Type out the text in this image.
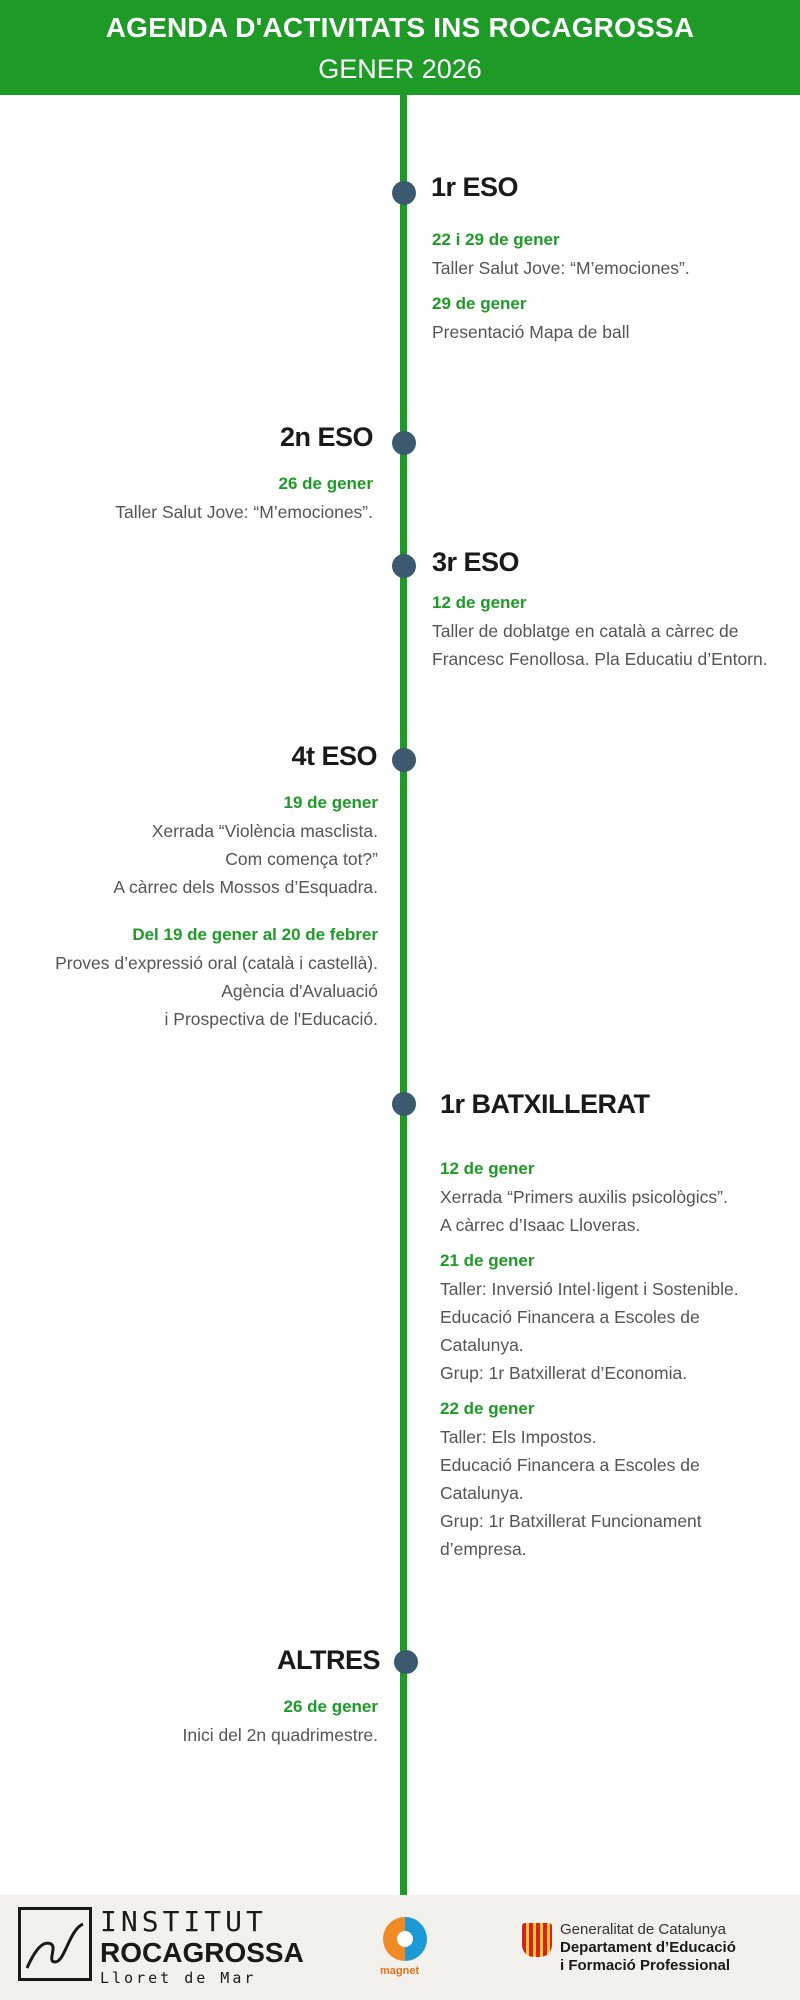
AGENDA D'ACTIVITATS INS ROCAGROSSA
GENER 2026
1r ESO
22 i 29 de gener
Taller Salut Jove: “M’emociones”.
29 de gener
Presentació Mapa de ball
2n ESO
26 de gener
Taller Salut Jove: “M’emociones”.
3r ESO
12 de gener
Taller de doblatge en català a càrrec de
Francesc Fenollosa. Pla Educatiu d’Entorn.
4t ESO
19 de gener
Xerrada “Violència masclista.
Com comença tot?”
A càrrec dels Mossos d’Esquadra.
Del 19 de gener al 20 de febrer
Proves d’expressió oral (català i castellà).
Agència d'Avaluació
i Prospectiva de l'Educació.
1r BATXILLERAT
12 de gener
Xerrada “Primers auxilis psicològics”.
A càrrec d’Isaac Lloveras.
21 de gener
Taller: Inversió Intel·ligent i Sostenible.
Educació Financera a Escoles de
Catalunya.
Grup: 1r Batxillerat d’Economia.
22 de gener
Taller: Els Impostos.
Educació Financera a Escoles de
Catalunya.
Grup: 1r Batxillerat Funcionament
d’empresa.
ALTRES
26 de gener
Inici del 2n quadrimestre.
INSTITUT
ROCAGROSSA
Lloret de Mar	magnet
Generalitat de Catalunya
Departament d’Educació
i Formació Professional
